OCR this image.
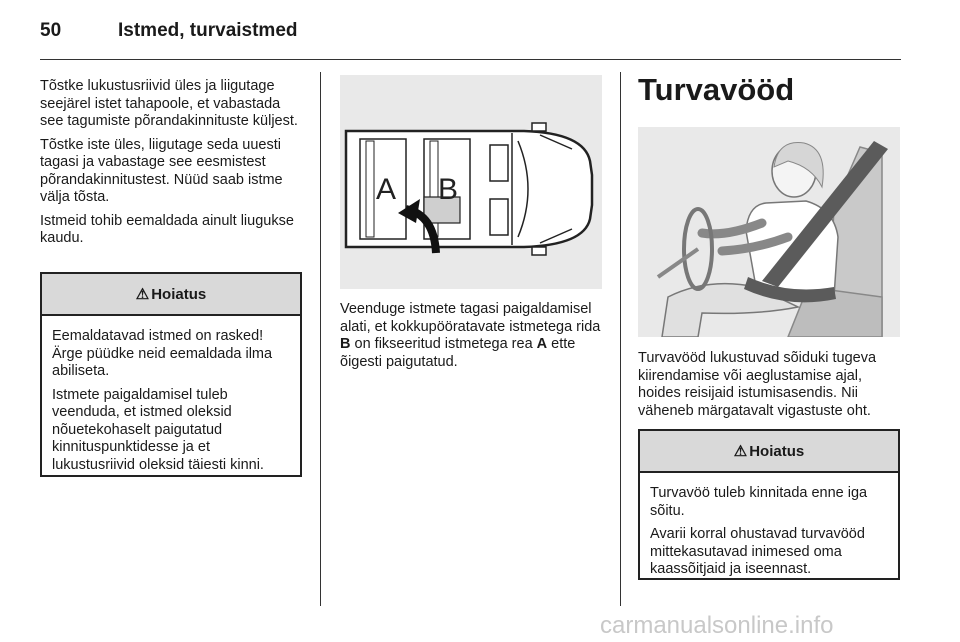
50	Istmed, turvaistmed

Tõstke lukustusriivid üles ja liigutage seejärel istet tahapoole, et vabastada see tagumiste põrandakinnituste küljest.

Tõstke iste üles, liigutage seda uuesti tagasi ja vabastage see eesmistest põrandakinnitustest. Nüüd saab istme välja tõsta.

Istmeid tohib eemaldada ainult liugukse kaudu.

⚠ Hoiatus

Eemaldatavad istmed on rasked! Ärge püüdke neid eemaldada ilma abiliseta.

Istmete paigaldamisel tuleb veenduda, et istmed oleksid nõuetekohaselt paigutatud kinnituspunktidesse ja et lukustusriivid oleksid täiesti kinni.

A B

Veenduge istmete tagasi paigaldamisel alati, et kokkupööratavate istmetega rida B on fikseeritud istmetega rea A ette õigesti paigutatud.

Turvavööd

Turvavööd lukustuvad sõiduki tugeva kiirendamise või aeglustamise ajal, hoides reisijaid istumisasendis. Nii väheneb märgatavalt vigastuste oht.

⚠ Hoiatus

Turvavöö tuleb kinnitada enne iga sõitu.

Avarii korral ohustavad turvavööd mittekasutavad inimesed oma kaassõitjaid ja iseennast.

carmanualsonline.info
